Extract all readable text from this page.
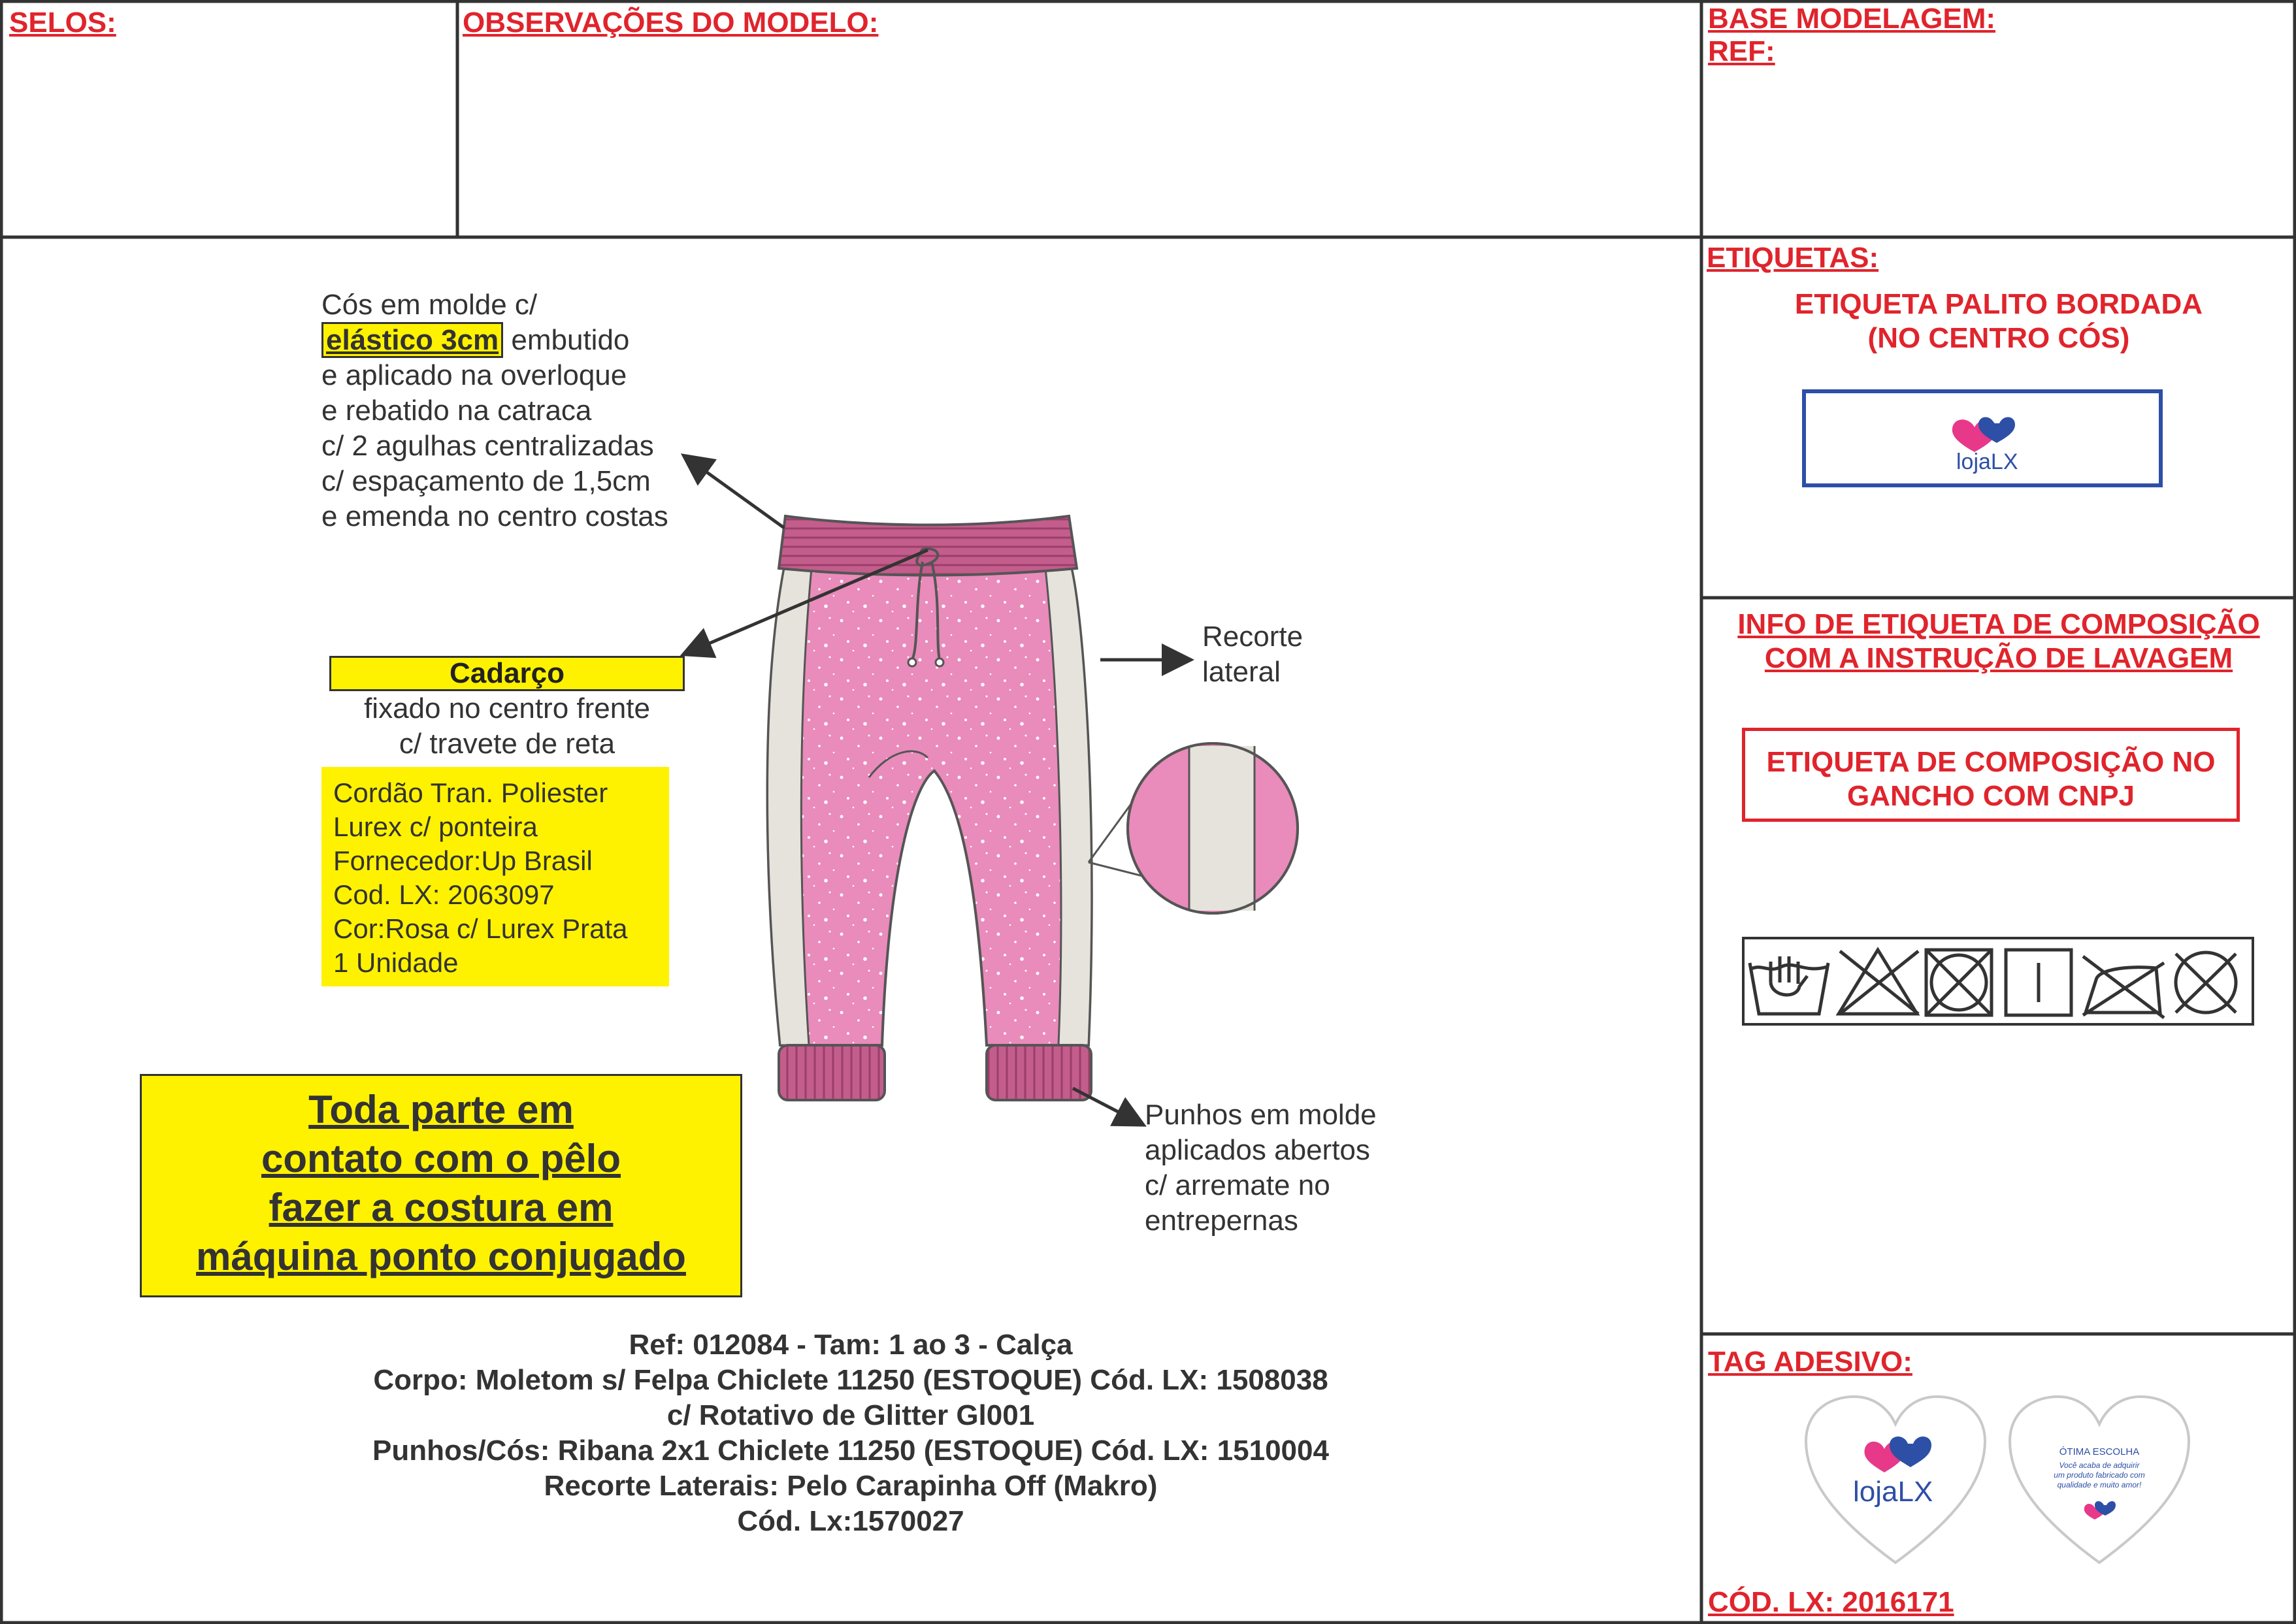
SELOS:	OBSERVAÇÕES DO MODELO:	BASE MODELAGEM:
REF:
ETIQUETAS:
ETIQUETA PALITO BORDADA
(NO CENTRO CÓS)
lojaLX
INFO DE ETIQUETA DE COMPOSIÇÃO
COM A INSTRUÇÃO DE LAVAGEM
ETIQUETA DE COMPOSIÇÃO NO
GANCHO COM CNPJ
TAG ADESIVO:
lojaLX
ÓTIMA ESCOLHA
Você acaba de adquirir
um produto fabricado com
qualidade e muito amor!
CÓD. LX: 2016171
Cós em molde c/
elástico 3cm embutido
e aplicado na overloque
e rebatido na catraca
c/ 2 agulhas centralizadas
c/ espaçamento de 1,5cm
e emenda no centro costas
Cadarço
fixado no centro frente
c/ travete de reta
Cordão Tran. Poliester
Lurex c/ ponteira
Fornecedor:Up Brasil
Cod. LX: 2063097
Cor:Rosa c/ Lurex Prata
1 Unidade
Recorte
lateral
Punhos em molde
aplicados abertos
c/ arremate no
entrepernas
Toda parte em
contato com o pêlo
fazer a costura em
máquina ponto conjugado
Ref: 012084 - Tam: 1 ao 3 - Calça
Corpo: Moletom s/ Felpa Chiclete 11250 (ESTOQUE) Cód. LX: 1508038
c/ Rotativo de Glitter Gl001
Punhos/Cós: Ribana 2x1 Chiclete 11250 (ESTOQUE) Cód. LX: 1510004
Recorte Laterais: Pelo Carapinha Off (Makro)
Cód. Lx:1570027
